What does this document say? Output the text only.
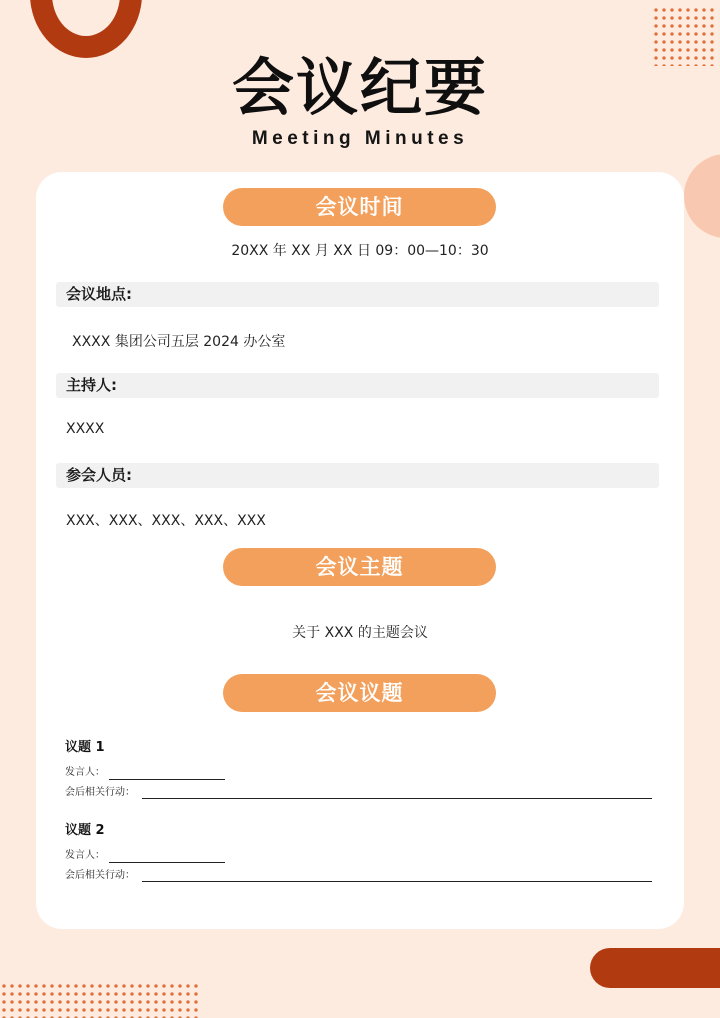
会议纪要
Meeting Minutes
会议时间
20XX 年 XX 月 XX 日 09：00—10：30
会议地点:
XXXX 集团公司五层 2024 办公室
主持人:
XXXX
参会人员:
XXX、XXX、XXX、XXX、XXX
会议主题
关于 XXX 的主题会议
会议议题
议题 1
发言人：
会后相关行动：
议题 2
发言人：
会后相关行动：
